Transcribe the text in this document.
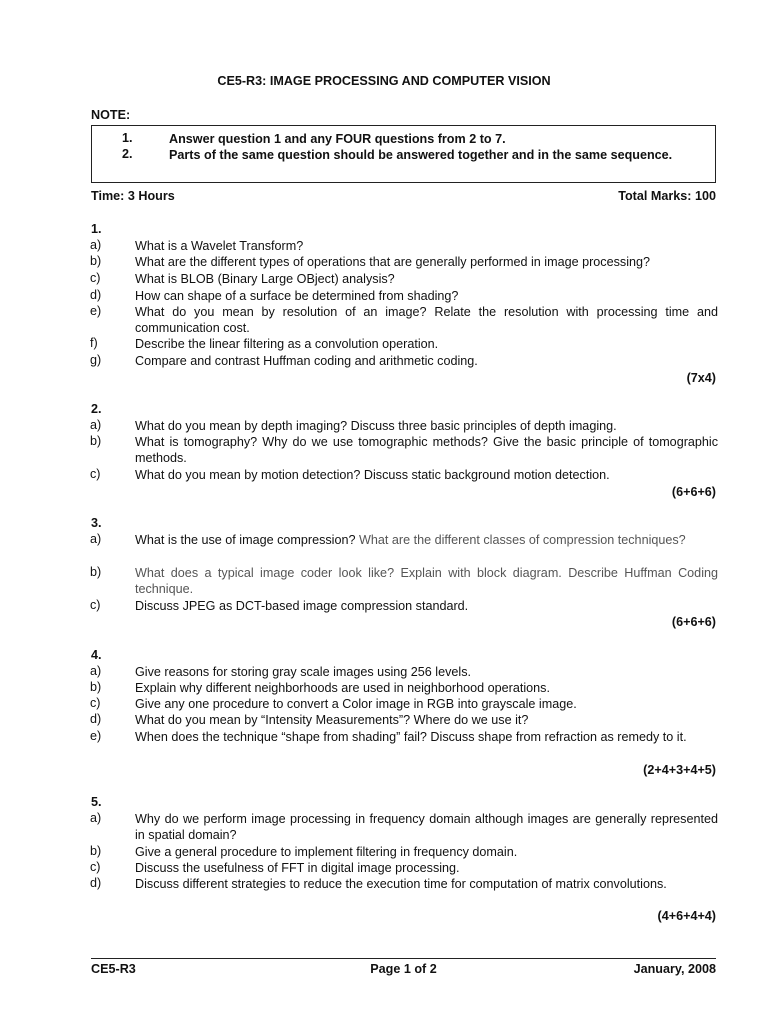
CE5-R3: IMAGE PROCESSING AND COMPUTER VISION
NOTE:
1.	Answer question 1 and any FOUR questions from 2 to 7.
2.	Parts of the same question should be answered together and in the same sequence.
Time: 3 Hours	Total Marks: 100
1.
a)	What is a Wavelet Transform?
b)	What are the different types of operations that are generally performed in image processing?
c)	What is BLOB (Binary Large OBject) analysis?
d)	How can shape of a surface be determined from shading?
e)	What do you mean by resolution of an image? Relate the resolution with processing time and communication cost.
f)	Describe the linear filtering as a convolution operation.
g)	Compare and contrast Huffman coding and arithmetic coding.
(7x4)
2.
a)	What do you mean by depth imaging? Discuss three basic principles of depth imaging.
b)	What is tomography? Why do we use tomographic methods? Give the basic principle of tomographic methods.
c)	What do you mean by motion detection? Discuss static background motion detection.
(6+6+6)
3.
a)	What is the use of image compression? What are the different classes of compression techniques?
b)	What does a typical image coder look like? Explain with block diagram. Describe Huffman Coding technique.
c)	Discuss JPEG as DCT-based image compression standard.
(6+6+6)
4.
a)	Give reasons for storing gray scale images using 256 levels.
b)	Explain why different neighborhoods are used in neighborhood operations.
c)	Give any one procedure to convert a Color image in RGB into grayscale image.
d)	What do you mean by “Intensity Measurements”? Where do we use it?
e)	When does the technique “shape from shading” fail? Discuss shape from refraction as remedy to it.
(2+4+3+4+5)
5.
a)	Why do we perform image processing in frequency domain although images are generally represented in spatial domain?
b)	Give a general procedure to implement filtering in frequency domain.
c)	Discuss the usefulness of FFT in digital image processing.
d)	Discuss different strategies to reduce the execution time for computation of matrix convolutions.
(4+6+4+4)
CE5-R3	Page 1 of 2	January, 2008
